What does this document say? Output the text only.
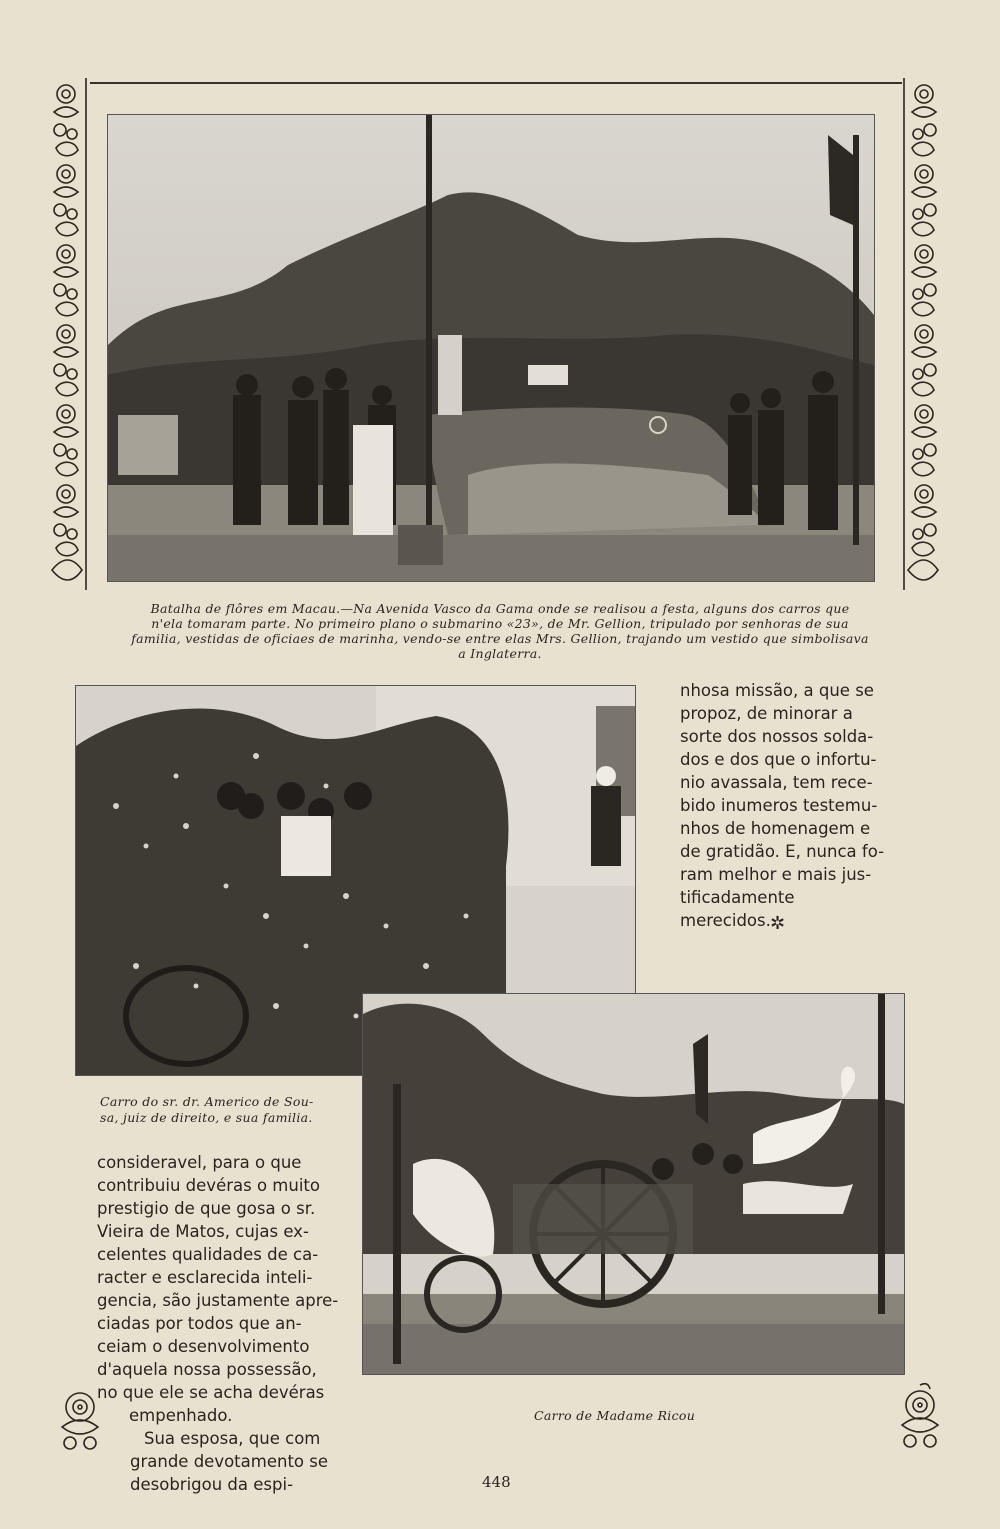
Batalha de flôres em Macau.—Na Avenida Vasco da Gama onde se realisou a festa, alguns dos carros que
n'ela tomaram parte. No primeiro plano o submarino «23», de Mr. Gellion, tripulado por senhoras de sua
familia, vestidas de oficiaes de marinha, vendo-se entre elas Mrs. Gellion, trajando um vestido que simbolisava
a Inglaterra.

nhosa missão, a que se

propoz, de minorar a

sorte dos nossos solda-

dos e dos que o infortu-

nio avassala, tem rece-

bido inumeros testemu-

nhos de homenagem e

de gratidão. E, nunca fo-

ram melhor e mais jus-

tificadamente merecidos. ✲
Carro do sr. dr. Americo de Sou-
sa, juiz de direito, e sua familia.

consideravel, para o que

contribuiu devéras o muito

prestigio de que gosa o sr.

Vieira de Matos, cujas ex-

celentes qualidades de ca-

racter e esclarecida inteli-

gencia, são justamente apre-

ciadas por todos que an-

ceiam o desenvolvimento

d'aquela nossa possessão,

no que ele se acha devéras

empenhado.

Sua esposa, que com

grande devotamento se

desobrigou da espi-

Carro de Madame Ricou
448
